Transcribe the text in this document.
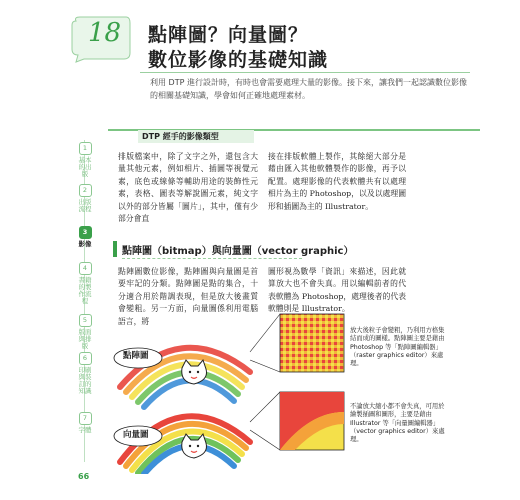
18 點陣圖？向量圖？
數位影像的基礎知識
利用 DTP 進行設計時，有時也會需要處理大量的影像。接下來，讓我們一起認識數位影像的相關基礎知識，學會如何正確地處理素材。
1
基本的出版
2
出版流程
3
影像
4
書籍的製作流程
5
版面與排版
6
印刷與裝訂的知識
7
字體
66
DTP 經手的影像類型
排版檔案中，除了文字之外，還包含大量其他元素，例如相片、插圖等視覺元素，底色或線條等輔助用途的裝飾性元素，表格、圖表等解說圖元素，純文字以外的部分皆屬「圖片」，其中，僅有少部分會直
接在排版軟體上製作，其餘絕大部分是藉由匯入其他軟體製作的影像，再予以配置。處理影像的代表軟體共有以處理相片為主的 Photoshop，以及以處理圖形和插圖為主的 Illustrator。
點陣圖（bitmap）與向量圖（vector graphic）
點陣圖數位影像，點陣圖與向量圖是首要牢記的分類。點陣圖是點的集合，十分適合用於階調表現，但是放大後畫質會變粗。另一方面，向量圖係利用電腦語言，將
圖形視為數學「資訊」來描述，因此就算放大也不會失真。用以編輯前者的代表軟體為 Photoshop，處理後者的代表軟體則是 Illustrator。
點陣圖
向量圖
放大後粒子會變粗，乃利用方格集結而成的圖樣。點陣圖主要是藉由 Photoshop 等「點陣圖編輯器」（raster graphics editor）來處理。
不論放大縮小都不會失真，可用於繪製插圖和圖形，主要是藉由 Illustrator 等「向量圖編輯器」（vector graphics editor）來處理。
